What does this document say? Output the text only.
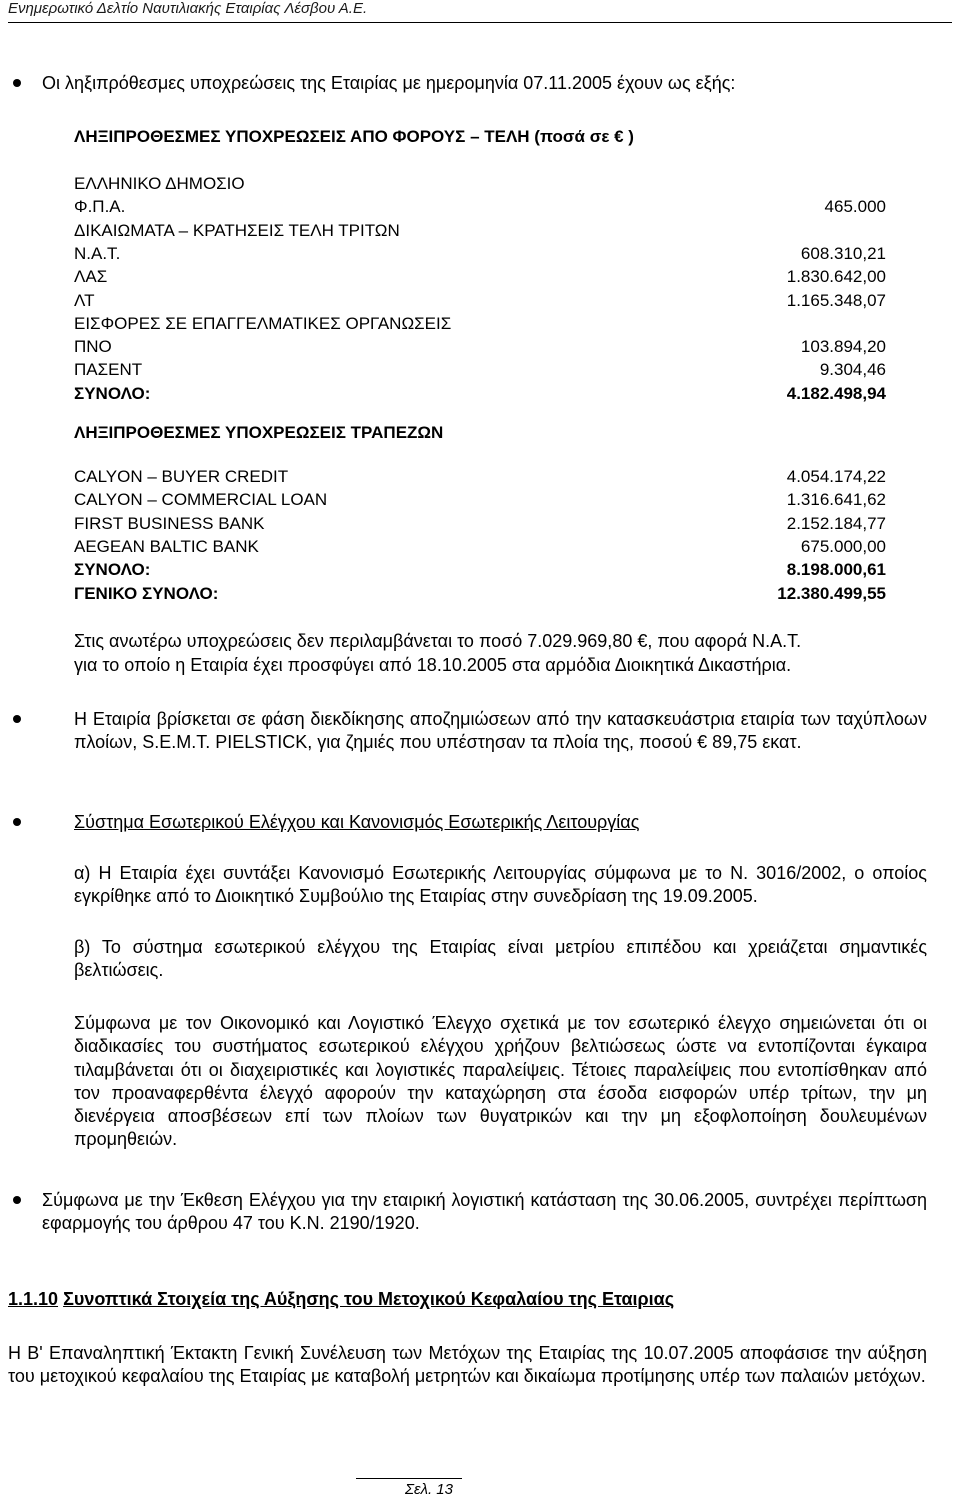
Ενημερωτικό Δελτίο Ναυτιλιακής Εταιρίας Λέσβου Α.Ε.
Οι ληξιπρόθεσμες υποχρεώσεις της Εταιρίας με ημερομηνία 07.11.2005 έχουν ως εξής:
ΛΗΞΙΠΡΟΘΕΣΜΕΣ ΥΠΟΧΡΕΩΣΕΙΣ ΑΠΟ ΦΟΡΟΥΣ – ΤΕΛΗ (ποσά σε € )
ΕΛΛΗΝΙΚΟ ΔΗΜΟΣΙΟ
Φ.Π.Α.	465.000
ΔΙΚΑΙΩΜΑΤΑ – ΚΡΑΤΗΣΕΙΣ ΤΕΛΗ ΤΡΙΤΩΝ
Ν.Α.Τ.	608.310,21
ΛΑΣ	1.830.642,00
ΛΤ	1.165.348,07
ΕΙΣΦΟΡΕΣ ΣΕ ΕΠΑΓΓΕΛΜΑΤΙΚΕΣ ΟΡΓΑΝΩΣΕΙΣ
ΠΝΟ	103.894,20
ΠΑΣΕΝΤ	9.304,46
ΣΥΝΟΛΟ:	4.182.498,94
ΛΗΞΙΠΡΟΘΕΣΜΕΣ ΥΠΟΧΡΕΩΣΕΙΣ ΤΡΑΠΕΖΩΝ
CALYON – BUYER CREDIT	4.054.174,22
CALYON – COMMERCIAL LOAN	1.316.641,62
FIRST BUSINESS BANK	2.152.184,77
AEGEAN BALTIC BANK	675.000,00
ΣΥΝΟΛΟ:	8.198.000,61
ΓΕΝΙΚΟ ΣΥΝΟΛΟ:	12.380.499,55
Στις ανωτέρω υποχρεώσεις δεν περιλαμβάνεται το ποσό 7.029.969,80 €, που αφορά Ν.Α.Τ.
για το οποίο η Εταιρία έχει προσφύγει από 18.10.2005 στα αρμόδια Διοικητικά Δικαστήρια.

Η Εταιρία βρίσκεται σε φάση διεκδίκησης αποζημιώσεων από την κατασκευάστρια εταιρία των ταχύπλοων πλοίων, S.E.M.T. PIELSTICK, για ζημιές που υπέστησαν τα πλοία της, ποσού € 89,75 εκατ.

Σύστημα Εσωτερικού Ελέγχου και Κανονισμός Εσωτερικής Λειτουργίας

α) Η Εταιρία έχει συντάξει Κανονισμό Εσωτερικής Λειτουργίας σύμφωνα με το Ν. 3016/2002, ο οποίος εγκρίθηκε από το Διοικητικό Συμβούλιο της Εταιρίας στην συνεδρίαση της 19.09.2005.

β) Το σύστημα εσωτερικού ελέγχου της Εταιρίας είναι μετρίου επιπέδου και χρειάζεται σημαντικές βελτιώσεις.

Σύμφωνα με τον Οικονομικό και Λογιστικό Έλεγχο σχετικά με τον εσωτερικό έλεγχο σημειώνεται ότι οι διαδικασίες του συστήματος εσωτερικού ελέγχου χρήζουν βελτιώσεως ώστε να εντοπίζονται έγκαιρα τιλαμβάνεται ότι οι διαχειριστικές και λογιστικές παραλείψεις. Τέτοιες παραλείψεις που εντοπίσθηκαν από τον προαναφερθέντα έλεγχό αφορούν την καταχώρηση στα έσοδα εισφορών υπέρ τρίτων, την μη διενέργεια αποσβέσεων επί των πλοίων των θυγατρικών και την μη εξοφλοποίηση δουλευμένων προμηθειών.

Σύμφωνα με την Έκθεση Ελέγχου για την εταιρική λογιστική κατάσταση της 30.06.2005, συντρέχει περίπτωση εφαρμογής του άρθρου 47 του Κ.Ν. 2190/1920.

1.1.10 Συνοπτικά Στοιχεία της Αύξησης του Μετοχικού Κεφαλαίου της Εταιριας

Η Β' Επαναληπτική Έκτακτη Γενική Συνέλευση των Μετόχων της Εταιρίας της 10.07.2005 αποφάσισε την αύξηση του μετοχικού κεφαλαίου της Εταιρίας με καταβολή μετρητών και δικαίωμα προτίμησης υπέρ των παλαιών μετόχων.

Σελ. 13
